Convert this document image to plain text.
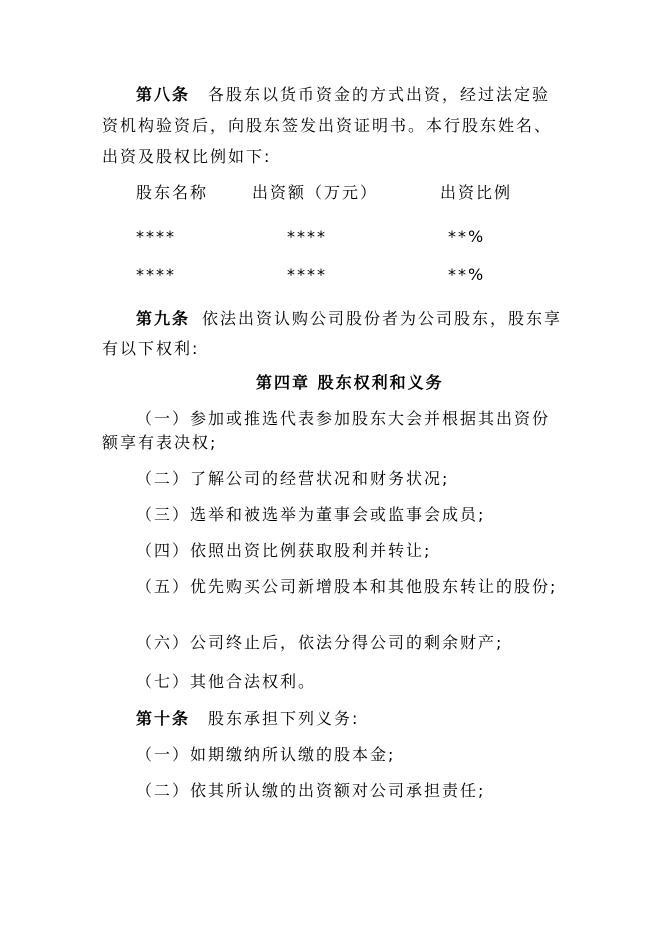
第八条 各股东以货币资金的方式出资，经过法定验
资机构验资后，向股东签发出资证明书。本行股东姓名、
出资及股权比例如下:
股东名称	出资额（万元）	出资比例
****	****	**%
****	****	**%
第九条 依法出资认购公司股份者为公司股东，股东享
有以下权利:
第四章 股东权利和义务
（一）参加或推选代表参加股东大会并根据其出资份
额享有表决权;
（二）了解公司的经营状况和财务状况;
（三）选举和被选举为董事会或监事会成员;
（四）依照出资比例获取股利并转让;
（五）优先购买公司新增股本和其他股东转让的股份;
（六）公司终止后，依法分得公司的剩余财产;
（七）其他合法权利。
第十条 股东承担下列义务:
（一）如期缴纳所认缴的股本金;
（二）依其所认缴的出资额对公司承担责任;
